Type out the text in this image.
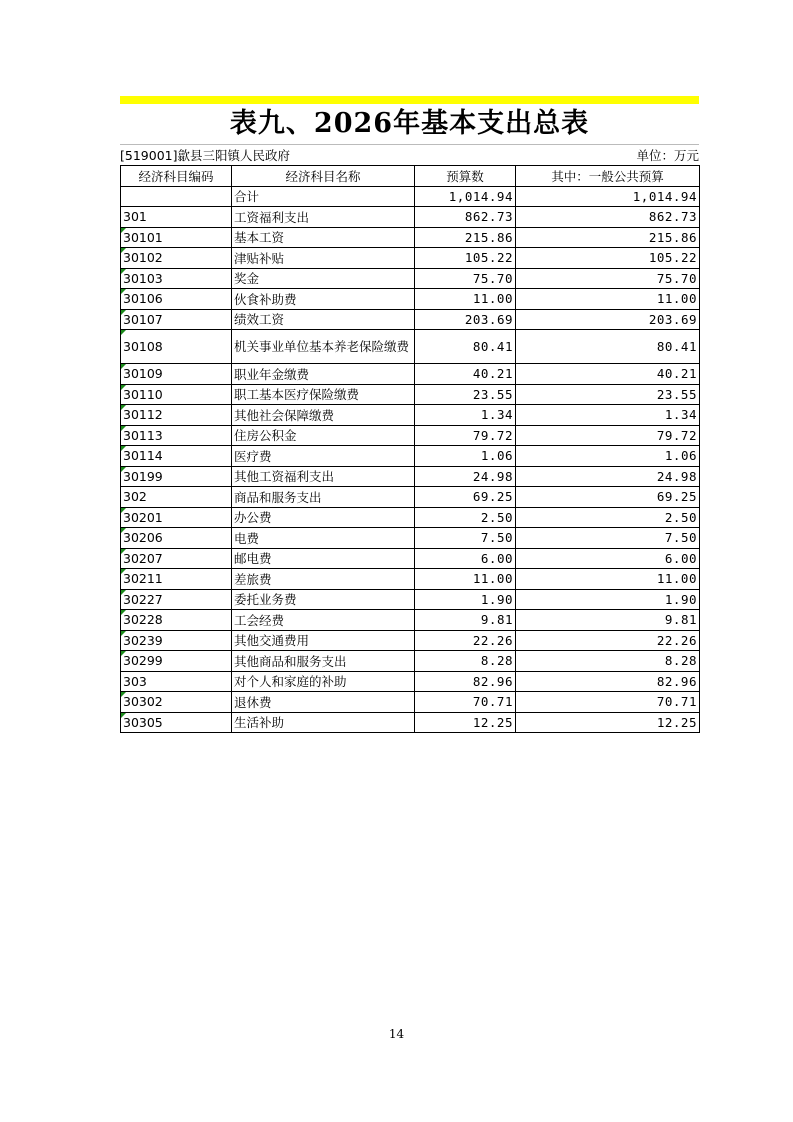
表九、2026年基本支出总表
[519001]歙县三阳镇人民政府	单位：万元
经济科目编码	经济科目名称	预算数	其中：一般公共预算
	合计	1,014.94	1,014.94
301	工资福利支出	862.73	862.73

30101	基本工资	215.86	215.86

30102	津贴补贴	105.22	105.22

30103	奖金	75.70	75.70

30106	伙食补助费	11.00	11.00

30107	绩效工资	203.69	203.69

30108	机关事业单位基本养老保险缴费	80.41	80.41

30109	职业年金缴费	40.21	40.21

30110	职工基本医疗保险缴费	23.55	23.55

30112	其他社会保障缴费	1.34	1.34

30113	住房公积金	79.72	79.72

30114	医疗费	1.06	1.06

30199	其他工资福利支出	24.98	24.98
302	商品和服务支出	69.25	69.25

30201	办公费	2.50	2.50

30206	电费	7.50	7.50

30207	邮电费	6.00	6.00

30211	差旅费	11.00	11.00

30227	委托业务费	1.90	1.90

30228	工会经费	9.81	9.81

30239	其他交通费用	22.26	22.26

30299	其他商品和服务支出	8.28	8.28
303	对个人和家庭的补助	82.96	82.96

30302	退休费	70.71	70.71

30305	生活补助	12.25	12.25
14
